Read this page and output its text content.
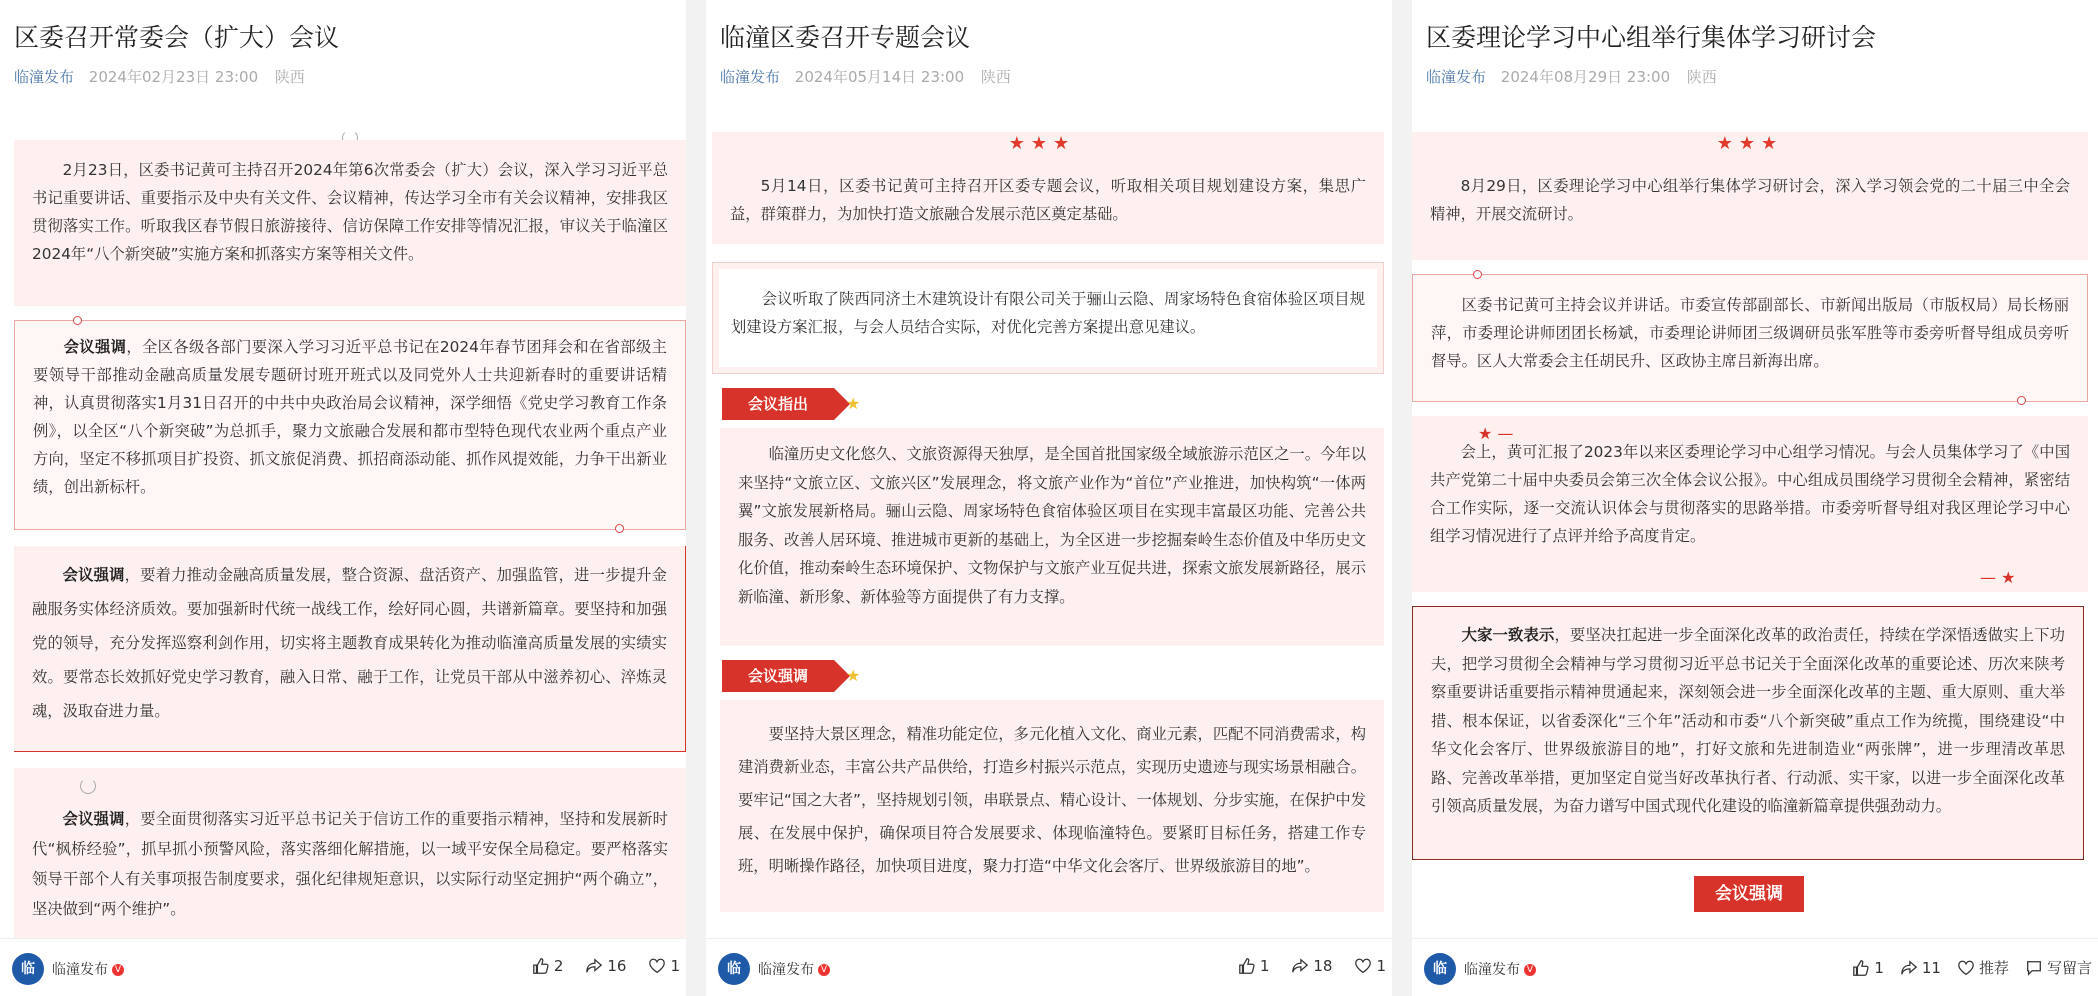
区委召开常委会（扩大）会议
临潼发布 2024年02月23日 23:00 陕西

2月23日，区委书记黄可主持召开2024年第6次常委会（扩大）会议，深入学习习近平总书记重要讲话、重要指示及中央有关文件、会议精神，传达学习全市有关会议精神，安排我区贯彻落实工作。听取我区春节假日旅游接待、信访保障工作安排等情况汇报，审议关于临潼区2024年“八个新突破”实施方案和抓落实方案等相关文件。

会议强调，全区各级各部门要深入学习习近平总书记在2024年春节团拜会和在省部级主要领导干部推动金融高质量发展专题研讨班开班式以及同党外人士共迎新春时的重要讲话精神，认真贯彻落实1月31日召开的中共中央政治局会议精神，深学细悟《党史学习教育工作条例》，以全区“八个新突破”为总抓手，聚力文旅融合发展和都市型特色现代农业两个重点产业方向，坚定不移抓项目扩投资、抓文旅促消费、抓招商添动能、抓作风提效能，力争干出新业绩，创出新标杆。

会议强调，要着力推动金融高质量发展，整合资源、盘活资产、加强监管，进一步提升金融服务实体经济质效。要加强新时代统一战线工作，绘好同心圆，共谱新篇章。要坚持和加强党的领导，充分发挥巡察利剑作用，切实将主题教育成果转化为推动临潼高质量发展的实绩实效。要常态长效抓好党史学习教育，融入日常、融于工作，让党员干部从中滋养初心、淬炼灵魂，汲取奋进力量。

会议强调，要全面贯彻落实习近平总书记关于信访工作的重要指示精神，坚持和发展新时代“枫桥经验”，抓早抓小预警风险，落实落细化解措施，以一域平安保全局稳定。要严格落实领导干部个人有关事项报告制度要求，强化纪律规矩意识，以实际行动坚定拥护“两个确立”，坚决做到“两个维护”。

临	临潼发布 V	2	16	1
临潼区委召开专题会议
临潼发布 2024年05月14日 23:00 陕西
★★★

5月14日，区委书记黄可主持召开区委专题会议，听取相关项目规划建设方案，集思广益，群策群力，为加快打造文旅融合发展示范区奠定基础。

会议听取了陕西同济土木建筑设计有限公司关于骊山云隐、周家场特色食宿体验区项目规划建设方案汇报，与会人员结合实际，对优化完善方案提出意见建议。

会议指出	★

临潼历史文化悠久、文旅资源得天独厚，是全国首批国家级全域旅游示范区之一。今年以来坚持“文旅立区、文旅兴区”发展理念，将文旅产业作为“首位”产业推进，加快构筑“一体两翼”文旅发展新格局。骊山云隐、周家场特色食宿体验区项目在实现丰富最区功能、完善公共服务、改善人居环境、推进城市更新的基础上，为全区进一步挖掘秦岭生态价值及中华历史文化价值，推动秦岭生态环境保护、文物保护与文旅产业互促共进，探索文旅发展新路径，展示新临潼、新形象、新体验等方面提供了有力支撑。

会议强调	★

要坚持大景区理念，精准功能定位，多元化植入文化、商业元素，匹配不同消费需求，构建消费新业态，丰富公共产品供给，打造乡村振兴示范点，实现历史遗迹与现实场景相融合。要牢记“国之大者”，坚持规划引领，串联景点、精心设计、一体规划、分步实施，在保护中发展、在发展中保护，确保项目符合发展要求、体现临潼特色。要紧盯目标任务，搭建工作专班，明晰操作路径，加快项目进度，聚力打造“中华文化会客厅、世界级旅游目的地”。

临	临潼发布 V	1	18	1
区委理论学习中心组举行集体学习研讨会
临潼发布 2024年08月29日 23:00 陕西
★★★

8月29日，区委理论学习中心组举行集体学习研讨会，深入学习领会党的二十届三中全会精神，开展交流研讨。

区委书记黄可主持会议并讲话。市委宣传部副部长、市新闻出版局（市版权局）局长杨丽萍，市委理论讲师团团长杨斌，市委理论讲师团三级调研员张军胜等市委旁听督导组成员旁听督导。区人大常委会主任胡民升、区政协主席吕新海出席。

★ —

会上，黄可汇报了2023年以来区委理论学习中心组学习情况。与会人员集体学习了《中国共产党第二十届中央委员会第三次全体会议公报》。中心组成员围绕学习贯彻全会精神，紧密结合工作实际，逐一交流认识体会与贯彻落实的思路举措。市委旁听督导组对我区理论学习中心组学习情况进行了点评并给予高度肯定。

— ★

大家一致表示，要坚决扛起进一步全面深化改革的政治责任，持续在学深悟透做实上下功夫，把学习贯彻全会精神与学习贯彻习近平总书记关于全面深化改革的重要论述、历次来陕考察重要讲话重要指示精神贯通起来，深刻领会进一步全面深化改革的主题、重大原则、重大举措、根本保证，以省委深化“三个年”活动和市委“八个新突破”重点工作为统揽，围绕建设“中华文化会客厅、世界级旅游目的地”，打好文旅和先进制造业“两张牌”，进一步理清改革思路、完善改革举措，更加坚定自觉当好改革执行者、行动派、实干家，以进一步全面深化改革引领高质量发展，为奋力谱写中国式现代化建设的临潼新篇章提供强劲动力。

会议强调
临	临潼发布 V	1	11	推荐	写留言
